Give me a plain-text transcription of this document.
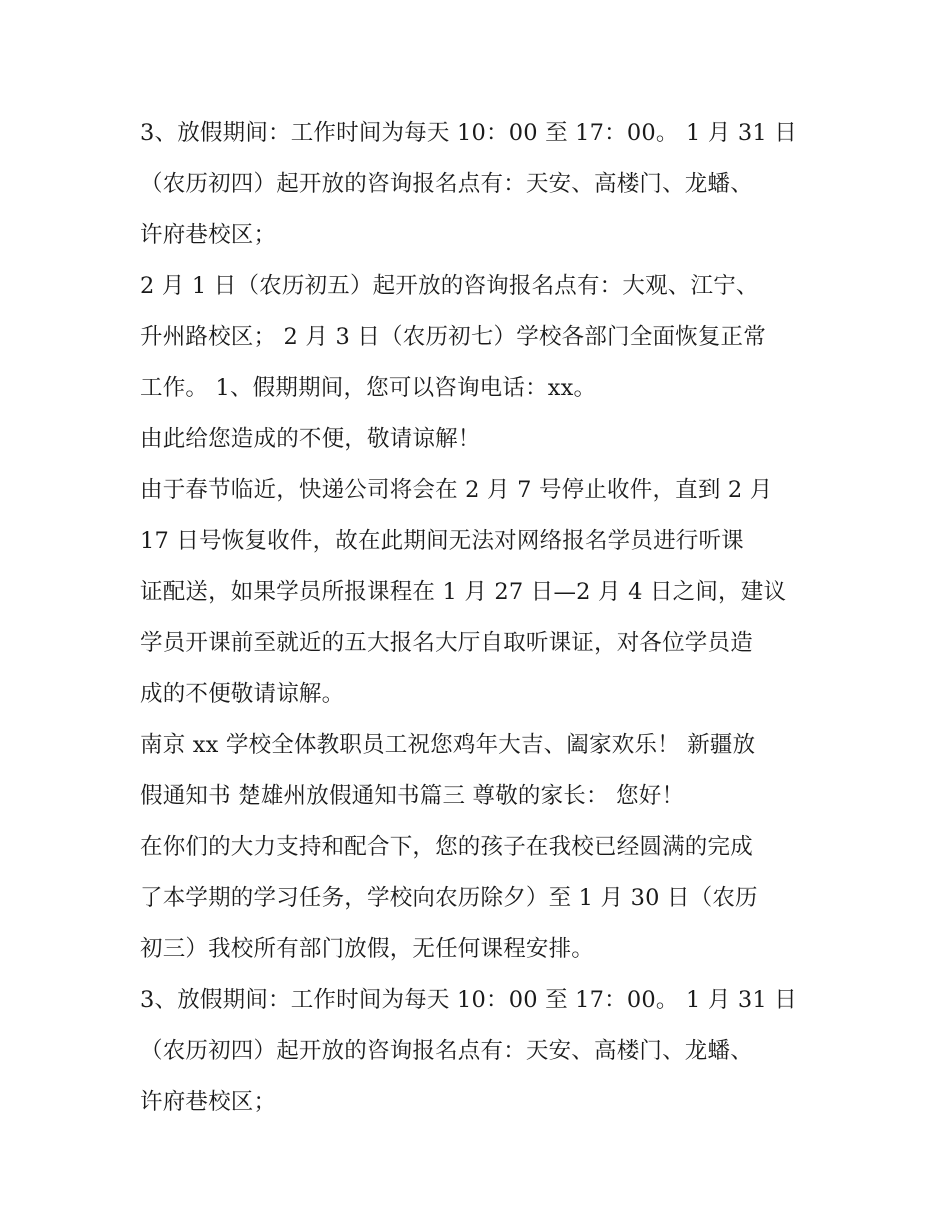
3、放假期间：工作时间为每天 10：00 至 17：00。 1 月 31 日
（农历初四）起开放的咨询报名点有：天安、高楼门、龙蟠、
许府巷校区；
2 月 1 日（农历初五）起开放的咨询报名点有：大观、江宁、
升州路校区； 2 月 3 日（农历初七）学校各部门全面恢复正常
工作。 1、假期期间，您可以咨询电话：xx。
由此给您造成的不便，敬请谅解！
由于春节临近，快递公司将会在 2 月 7 号停止收件，直到 2 月
17 日号恢复收件，故在此期间无法对网络报名学员进行听课
证配送，如果学员所报课程在 1 月 27 日—2 月 4 日之间，建议
学员开课前至就近的五大报名大厅自取听课证，对各位学员造
成的不便敬请谅解。
南京 xx 学校全体教职员工祝您鸡年大吉、阖家欢乐！ 新疆放
假通知书 楚雄州放假通知书篇三 尊敬的家长： 您好！
在你们的大力支持和配合下，您的孩子在我校已经圆满的完成
了本学期的学习任务，学校向农历除夕）至 1 月 30 日（农历
初三）我校所有部门放假，无任何课程安排。
3、放假期间：工作时间为每天 10：00 至 17：00。 1 月 31 日
（农历初四）起开放的咨询报名点有：天安、高楼门、龙蟠、
许府巷校区；
